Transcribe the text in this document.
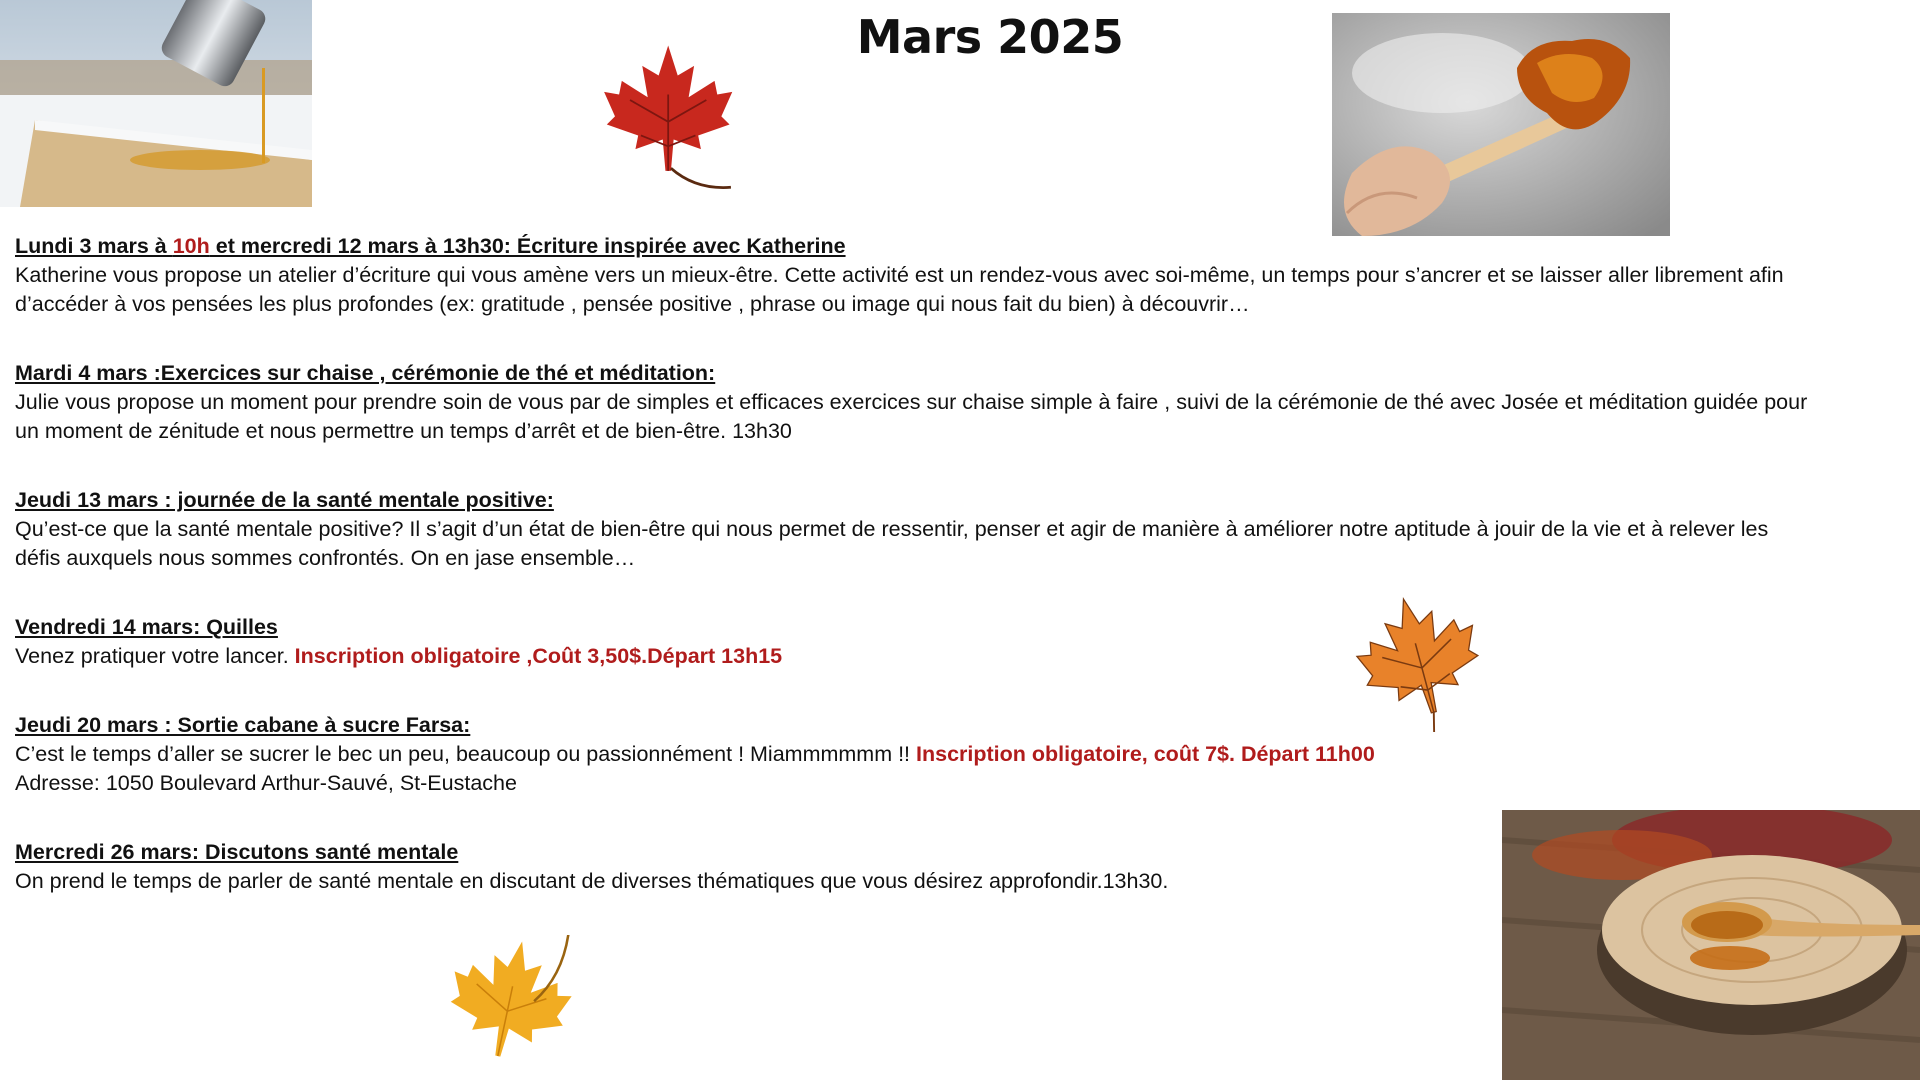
Mars 2025
Lundi 3 mars à 10h et mercredi 12 mars à 13h30: Écriture inspirée avec Katherine

Katherine vous propose un atelier d’écriture qui vous amène vers un mieux-être. Cette activité est un rendez-vous avec soi-même, un temps pour s’ancrer et se laisser aller librement afin d’accéder à vos pensées les plus profondes (ex: gratitude , pensée positive , phrase ou image qui nous fait du bien) à découvrir…

Mardi 4 mars :Exercices sur chaise , cérémonie de thé et méditation:

Julie vous propose un moment pour prendre soin de vous par de simples et efficaces exercices sur chaise simple à faire , suivi de la cérémonie de thé avec Josée et méditation guidée pour un moment de zénitude et nous permettre un temps d’arrêt et de bien-être. 13h30

Jeudi 13 mars : journée de la santé mentale positive:

Qu’est-ce que la santé mentale positive? Il s’agit d’un état de bien-être qui nous permet de ressentir, penser et agir de manière à améliorer notre aptitude à jouir de la vie et à relever les défis auxquels nous sommes confrontés. On en jase ensemble…

Vendredi 14 mars: Quilles

Venez pratiquer votre lancer. Inscription obligatoire ,Coût 3,50$.Départ 13h15

Jeudi 20 mars : Sortie cabane à sucre Farsa:

C’est le temps d’aller se sucrer le bec un peu, beaucoup ou passionnément ! Miammmmmm !! Inscription obligatoire, coût 7$. Départ 11h00

Adresse: 1050 Boulevard Arthur-Sauvé, St-Eustache

Mercredi 26 mars: Discutons santé mentale

On prend le temps de parler de santé mentale en discutant de diverses thématiques que vous désirez approfondir.13h30.
